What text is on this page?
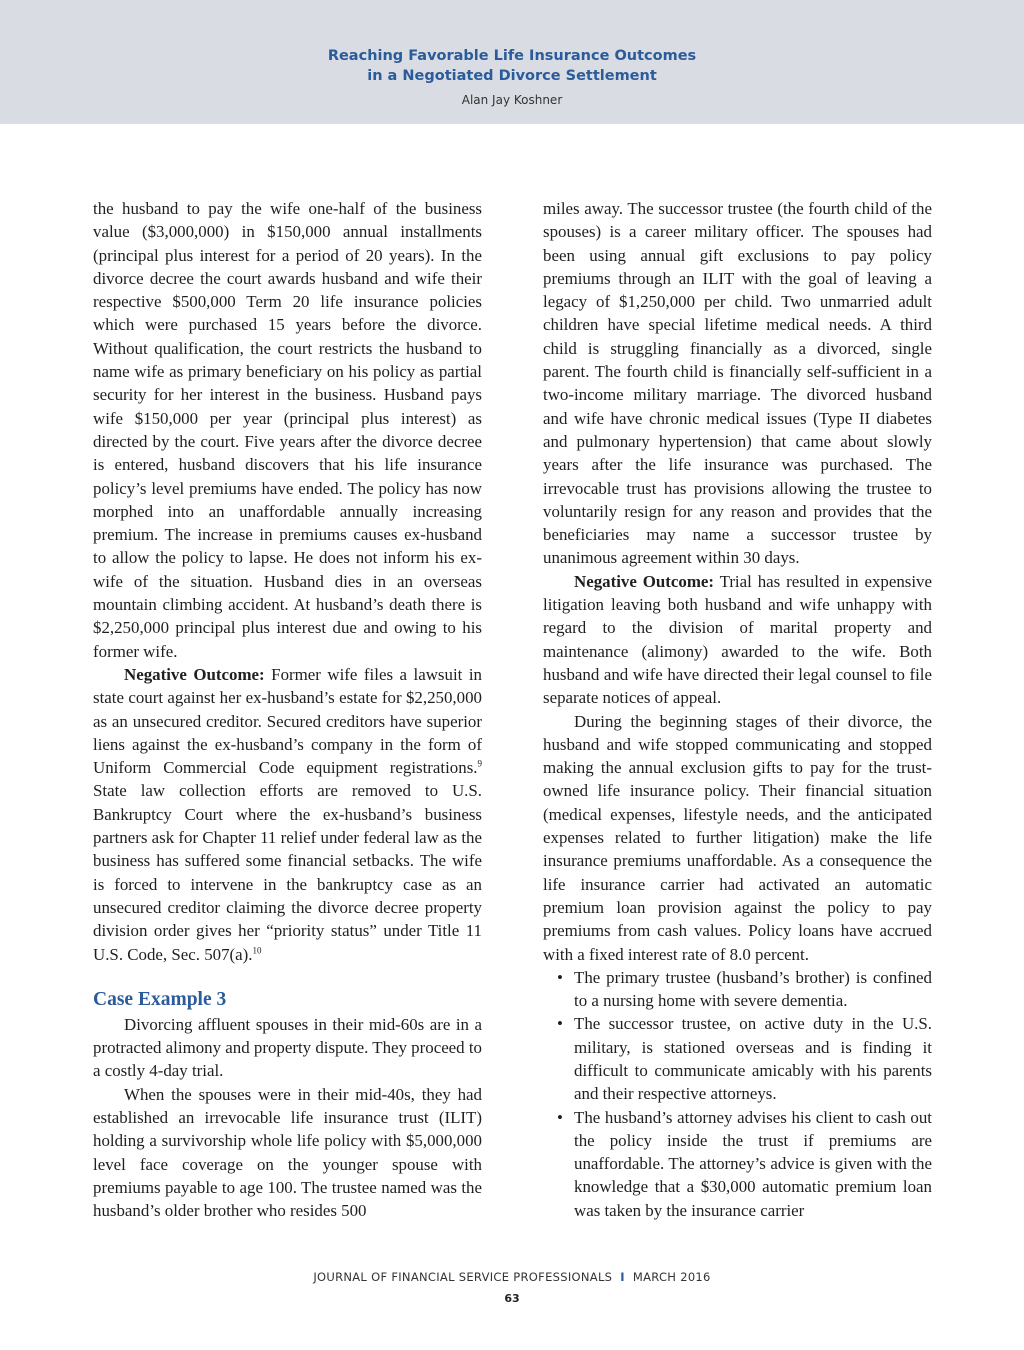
Reaching Favorable Life Insurance Outcomes
in a Negotiated Divorce Settlement
Alan Jay Koshner

the husband to pay the wife one-half of the business value ($3,000,000) in $150,000 annual installments (principal plus interest for a period of 20 years). In the divorce decree the court awards husband and wife their respective $500,000 Term 20 life insurance policies which were purchased 15 years before the divorce. Without qualification, the court restricts the husband to name wife as primary beneficiary on his policy as partial security for her interest in the business. Husband pays wife $150,000 per year (principal plus interest) as directed by the court. Five years after the divorce decree is entered, husband discovers that his life insurance policy’s level premiums have ended. The policy has now morphed into an unaffordable annually increasing premium. The increase in premiums causes ex-husband to allow the policy to lapse. He does not inform his ex-wife of the situation. Husband dies in an overseas mountain climbing accident. At husband’s death there is $2,250,000 principal plus interest due and owing to his former wife.

Negative Outcome: Former wife files a lawsuit in state court against her ex-husband’s estate for $2,250,000 as an unsecured creditor. Secured creditors have superior liens against the ex-husband’s company in the form of Uniform Commercial Code equipment registrations.$^9$ State law collection efforts are removed to U.S. Bankruptcy Court where the ex-husband’s business partners ask for Chapter 11 relief under federal law as the business has suffered some financial setbacks. The wife is forced to intervene in the bankruptcy case as an unsecured creditor claiming the divorce decree property division order gives her “priority status” under Title 11 U.S. Code, Sec. 507(a).$^{10}$

Case Example 3

Divorcing affluent spouses in their mid-60s are in a protracted alimony and property dispute. They proceed to a costly 4-day trial.

When the spouses were in their mid-40s, they had established an irrevocable life insurance trust (ILIT) holding a survivorship whole life policy with $5,000,000 level face coverage on the younger spouse with premiums payable to age 100. The trustee named was the husband’s older brother who resides 500

miles away. The successor trustee (the fourth child of the spouses) is a career military officer. The spouses had been using annual gift exclusions to pay policy premiums through an ILIT with the goal of leaving a legacy of $1,250,000 per child. Two unmarried adult children have special lifetime medical needs. A third child is struggling financially as a divorced, single parent. The fourth child is financially self-sufficient in a two-income military marriage. The divorced husband and wife have chronic medical issues (Type II diabetes and pulmonary hypertension) that came about slowly years after the life insurance was purchased. The irrevocable trust has provisions allowing the trustee to voluntarily resign for any reason and provides that the beneficiaries may name a successor trustee by unanimous agreement within 30 days.

Negative Outcome: Trial has resulted in expensive litigation leaving both husband and wife unhappy with regard to the division of marital property and maintenance (alimony) awarded to the wife. Both husband and wife have directed their legal counsel to file separate notices of appeal.

During the beginning stages of their divorce, the husband and wife stopped communicating and stopped making the annual exclusion gifts to pay for the trust-owned life insurance policy. Their financial situation (medical expenses, lifestyle needs, and the anticipated expenses related to further litigation) make the life insurance premiums unaffordable. As a consequence the life insurance carrier had activated an automatic premium loan provision against the policy to pay premiums from cash values. Policy loans have accrued with a fixed interest rate of 8.0 percent.

• The primary trustee (husband’s brother) is confined to a nursing home with severe dementia.
• The successor trustee, on active duty in the U.S. military, is stationed overseas and is finding it difficult to communicate amicably with his parents and their respective attorneys.
• The husband’s attorney advises his client to cash out the policy inside the trust if premiums are unaffordable. The attorney’s advice is given with the knowledge that a $30,000 automatic premium loan was taken by the insurance carrier
JOURNAL OF FINANCIAL SERVICE PROFESSIONALS I MARCH 2016
63
